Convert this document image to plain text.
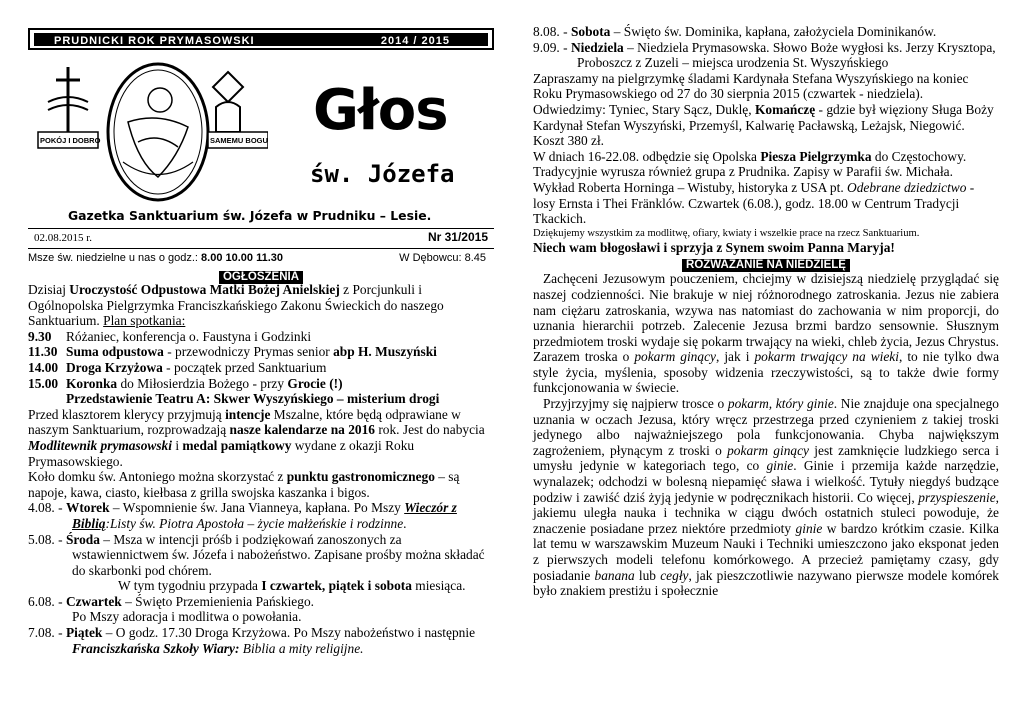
PRUDNICKI ROK PRYMASOWSKI	2014 / 2015
POKÓJ I DOBRO	SAMEMU BOGU Głos
św. Józefa
Gazetka Sanktuarium św. Józefa w Prudniku – Lesie.
02.08.2015 r.	Nr 31/2015
Msze św. niedzielne u nas o godz.: 8.00 10.00 11.30	W Dębowcu: 8.45
OGŁOSZENIA

Dzisiaj Uroczystość Odpustowa Matki Bożej Anielskiej z Porcjunkuli i Ogólnopolska Pielgrzymka Franciszkańskiego Zakonu Świeckich do naszego Sanktuarium. Plan spotkania:

9.30 Różaniec, konferencja o. Faustyna i Godzinki

11.30 Suma odpustowa - przewodniczy Prymas senior abp H. Muszyński

14.00 Droga Krzyżowa - początek przed Sanktuarium

15.00 Koronka do Miłosierdzia Bożego - przy Grocie (!)

Przedstawienie Teatru A: Skwer Wyszyńskiego – misterium drogi

Przed klasztorem klerycy przyjmują intencje Mszalne, które będą odprawiane w naszym Sanktuarium, rozprowadzają nasze kalendarze na 2016 rok. Jest do nabycia Modlitewnik prymasowski i medal pamiątkowy wydane z okazji Roku Prymasowskiego.

Koło domku św. Antoniego można skorzystać z punktu gastronomicznego – są napoje, kawa, ciasto, kiełbasa z grilla swojska kaszanka i bigos.

4.08. - Wtorek – Wspomnienie św. Jana Vianneya, kapłana. Po Mszy Wieczór z Biblią:Listy św. Piotra Apostoła – życie małżeńskie i rodzinne.

5.08. - Środa – Msza w intencji próśb i podziękowań zanoszonych za wstawiennictwem św. Józefa i nabożeństwo. Zapisane prośby można składać do skarbonki pod chórem.

W tym tygodniu przypada I czwartek, piątek i sobota miesiąca.

6.08. - Czwartek – Święto Przemienienia Pańskiego.

Po Mszy adoracja i modlitwa o powołania.

7.08. - Piątek – O godz. 17.30 Droga Krzyżowa. Po Mszy nabożeństwo i następnie Franciszkańska Szkoły Wiary: Biblia a mity religijne.

8.08. - Sobota – Święto św. Dominika, kapłana, założyciela Dominikanów.

9.09. - Niedziela – Niedziela Prymasowska. Słowo Boże wygłosi ks. Jerzy Krysztopa, Proboszcz z Zuzeli – miejsca urodzenia St. Wyszyńskiego

Zapraszamy na pielgrzymkę śladami Kardynała Stefana Wyszyńskiego na koniec Roku Prymasowskiego od 27 do 30 sierpnia 2015 (czwartek - niedziela). Odwiedzimy: Tyniec, Stary Sącz, Duklę, Komańczę - gdzie był więziony Sługa Boży Kardynał Stefan Wyszyński, Przemyśl, Kalwarię Pacławską, Leżajsk, Niegowić. Koszt 380 zł.

W dniach 16-22.08. odbędzie się Opolska Piesza Pielgrzymka do Częstochowy. Tradycyjnie wyrusza również grupa z Prudnika. Zapisy w Parafii św. Michała.

Wykład Roberta Horninga – Wistuby, historyka z USA pt. Odebrane dziedzictwo - losy Ernsta i Thei Fränklów. Czwartek (6.08.), godz. 18.00 w Centrum Tradycji Tkackich.

Dziękujemy wszystkim za modlitwę, ofiary, kwiaty i wszelkie prace na rzecz Sanktuarium.

Niech wam błogosławi i sprzyja z Synem swoim Panna Maryja!

ROZWAŻANIE NA NIEDZIELĘ

Zachęceni Jezusowym pouczeniem, chciejmy w dzisiejszą niedzielę przyglądać się naszej codzienności. Nie brakuje w niej różnorodnego zatroskania. Jezus nie zabiera nam ciężaru zatroskania, wzywa nas natomiast do zachowania w nim proporcji, do uznania hierarchii potrzeb. Zalecenie Jezusa brzmi bardzo sensownie. Słusznym przedmiotem troski wydaje się pokarm trwający na wieki, chleb życia, Jezus Chrystus. Zarazem troska o pokarm ginący, jak i pokarm trwający na wieki, to nie tylko dwa style życia, myślenia, sposoby widzenia rzeczywistości, są to także dwie formy funkcjonowania w świecie.

Przyjrzyjmy się najpierw trosce o pokarm, który ginie. Nie znajduje ona specjalnego uznania w oczach Jezusa, który wręcz przestrzega przed czynieniem z takiej troski jedynego albo najważniejszego pola funkcjonowania. Chyba największym zagrożeniem, płynącym z troski o pokarm ginący jest zamknięcie ludzkiego serca i umysłu jedynie w kategoriach tego, co ginie. Ginie i przemija każde narzędzie, wynalazek; odchodzi w bolesną niepamięć sława i wielkość. Tytuły niegdyś budzące podziw i zawiść dziś żyją jedynie w podręcznikach historii. Co więcej, przyspieszenie, jakiemu uległa nauka i technika w ciągu dwóch ostatnich stuleci powoduje, że znaczenie posiadane przez niektóre przedmioty ginie w bardzo krótkim czasie. Kilka lat temu w warszawskim Muzeum Nauki i Techniki umieszczono jako eksponat jeden z pierwszych modeli telefonu komórkowego. A przecież pamiętamy czasy, gdy posiadanie banana lub cegły, jak pieszczotliwie nazywano pierwsze modele komórek było znakiem prestiżu i społecznie
